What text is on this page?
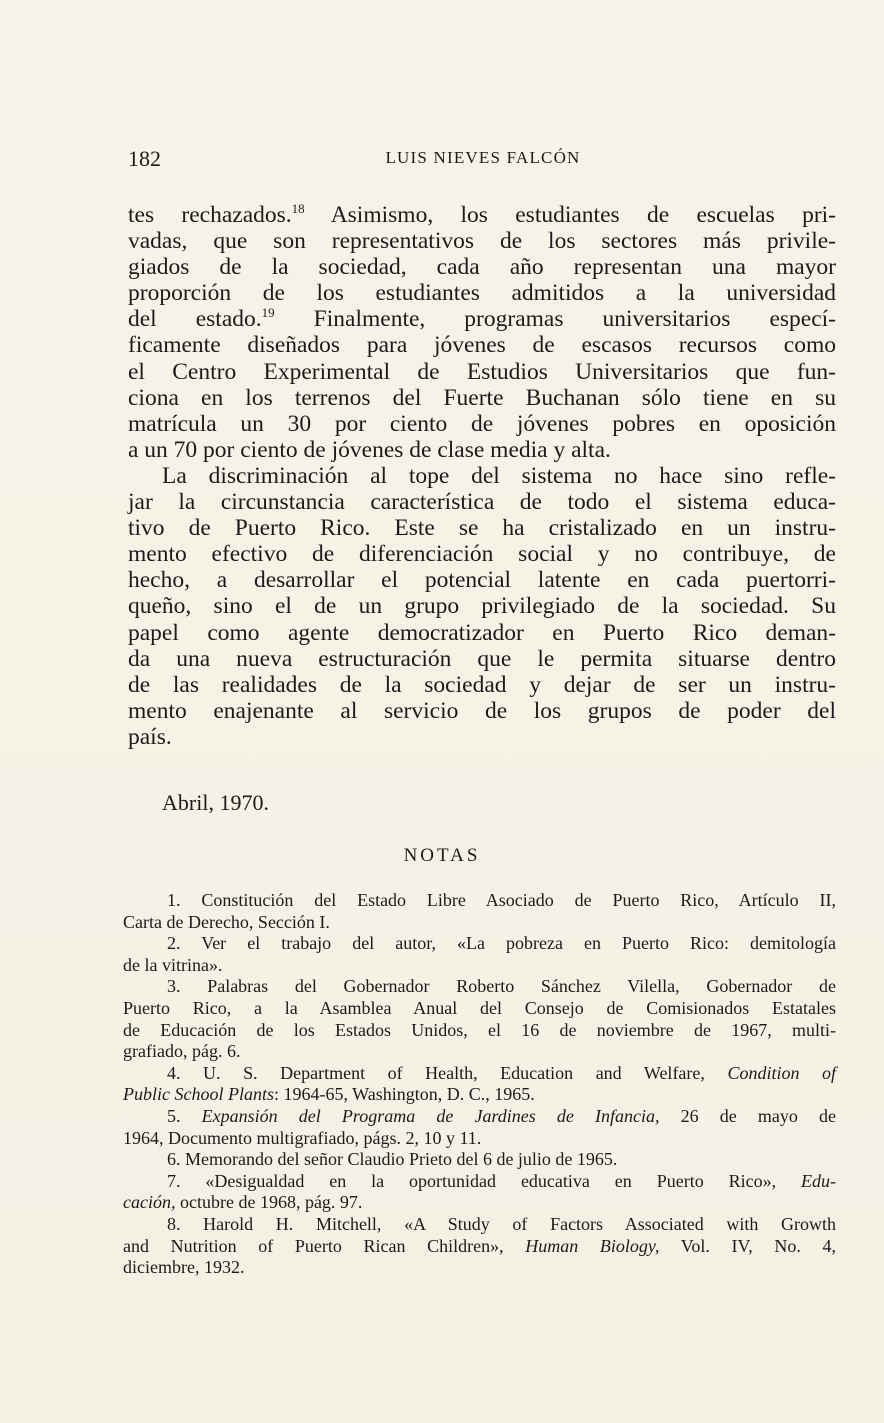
182	LUIS NIEVES FALCÓN

tes rechazados.$^{18}$ Asimismo, los estudiantes de escuelas pri-
vadas, que son representativos de los sectores más privile-
giados de la sociedad, cada año representan una mayor
proporción de los estudiantes admitidos a la universidad
del estado.$^{19}$ Finalmente, programas universitarios especí-
ficamente diseñados para jóvenes de escasos recursos como
el Centro Experimental de Estudios Universitarios que fun-
ciona en los terrenos del Fuerte Buchanan sólo tiene en su
matrícula un 30 por ciento de jóvenes pobres en oposición
a un 70 por ciento de jóvenes de clase media y alta.

La discriminación al tope del sistema no hace sino refle-
jar la circunstancia característica de todo el sistema educa-
tivo de Puerto Rico. Este se ha cristalizado en un instru-
mento efectivo de diferenciación social y no contribuye, de
hecho, a desarrollar el potencial latente en cada puertorri-
queño, sino el de un grupo privilegiado de la sociedad. Su
papel como agente democratizador en Puerto Rico deman-
da una nueva estructuración que le permita situarse dentro
de las realidades de la sociedad y dejar de ser un instru-
mento enajenante al servicio de los grupos de poder del
país.

Abril, 1970.
NOTAS
1. Constitución del Estado Libre Asociado de Puerto Rico, Artículo II,
Carta de Derecho, Sección I.
2. Ver el trabajo del autor, «La pobreza en Puerto Rico: demitología
de la vitrina».
3. Palabras del Gobernador Roberto Sánchez Vilella, Gobernador de
Puerto Rico, a la Asamblea Anual del Consejo de Comisionados Estatales
de Educación de los Estados Unidos, el 16 de noviembre de 1967, multi-
grafiado, pág. 6.
4. U. S. Department of Health, Education and Welfare, Condition of
Public School Plants: 1964-65, Washington, D. C., 1965.
5. Expansión del Programa de Jardines de Infancia, 26 de mayo de
1964, Documento multigrafiado, págs. 2, 10 y 11.
6. Memorando del señor Claudio Prieto del 6 de julio de 1965.
7. «Desigualdad en la oportunidad educativa en Puerto Rico», Edu-
cación, octubre de 1968, pág. 97.
8. Harold H. Mitchell, «A Study of Factors Associated with Growth
and Nutrition of Puerto Rican Children», Human Biology, Vol. IV, No. 4,
diciembre, 1932.
